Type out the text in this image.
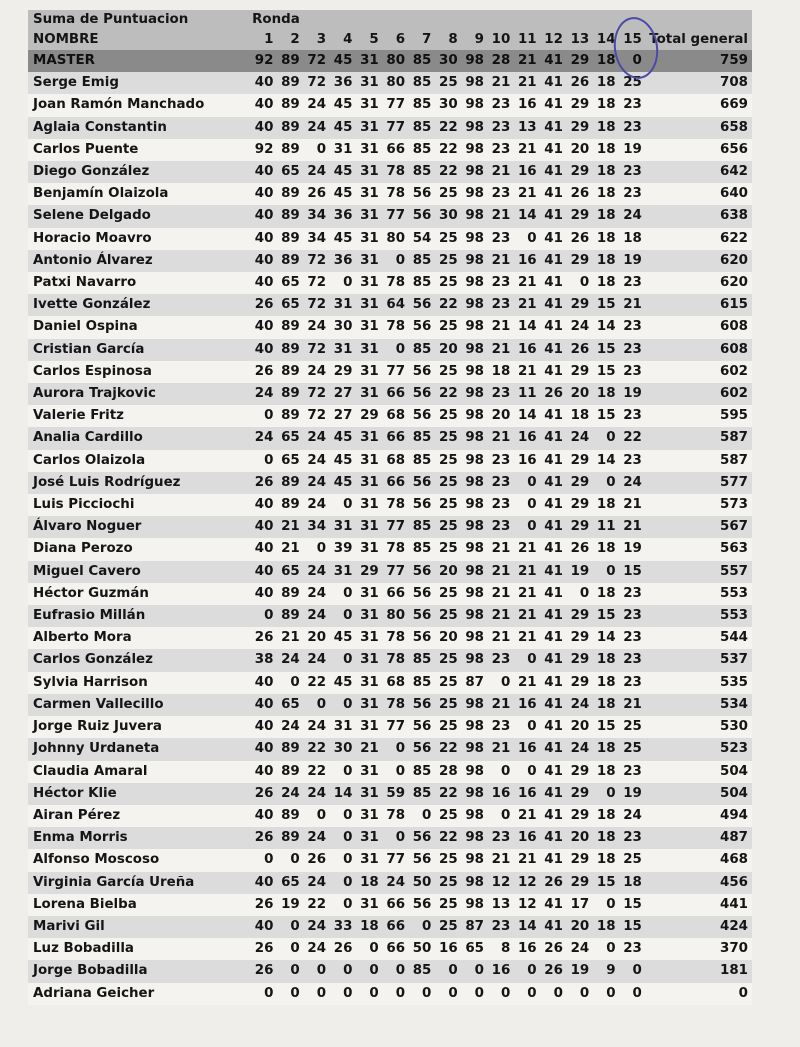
Suma de Puntuacion	Ronda															
NOMBRE	1	2	3	4	5	6	7	8	9	10	11	12	13	14	15	Total general
MASTER	92	89	72	45	31	80	85	30	98	28	21	41	29	18	0	759
Serge Emig	40	89	72	36	31	80	85	25	98	21	21	41	26	18	25	708
Joan Ramón Manchado	40	89	24	45	31	77	85	30	98	23	16	41	29	18	23	669
Aglaia Constantin	40	89	24	45	31	77	85	22	98	23	13	41	29	18	23	658
Carlos Puente	92	89	0	31	31	66	85	22	98	23	21	41	20	18	19	656
Diego González	40	65	24	45	31	78	85	22	98	21	16	41	29	18	23	642
Benjamín Olaizola	40	89	26	45	31	78	56	25	98	23	21	41	26	18	23	640
Selene Delgado	40	89	34	36	31	77	56	30	98	21	14	41	29	18	24	638
Horacio Moavro	40	89	34	45	31	80	54	25	98	23	0	41	26	18	18	622
Antonio Álvarez	40	89	72	36	31	0	85	25	98	21	16	41	29	18	19	620
Patxi Navarro	40	65	72	0	31	78	85	25	98	23	21	41	0	18	23	620
Ivette González	26	65	72	31	31	64	56	22	98	23	21	41	29	15	21	615
Daniel Ospina	40	89	24	30	31	78	56	25	98	21	14	41	24	14	23	608
Cristian García	40	89	72	31	31	0	85	20	98	21	16	41	26	15	23	608
Carlos Espinosa	26	89	24	29	31	77	56	25	98	18	21	41	29	15	23	602
Aurora Trajkovic	24	89	72	27	31	66	56	22	98	23	11	26	20	18	19	602
Valerie Fritz	0	89	72	27	29	68	56	25	98	20	14	41	18	15	23	595
Analia Cardillo	24	65	24	45	31	66	85	25	98	21	16	41	24	0	22	587
Carlos Olaizola	0	65	24	45	31	68	85	25	98	23	16	41	29	14	23	587
José Luis Rodríguez	26	89	24	45	31	66	56	25	98	23	0	41	29	0	24	577
Luis Picciochi	40	89	24	0	31	78	56	25	98	23	0	41	29	18	21	573
Álvaro Noguer	40	21	34	31	31	77	85	25	98	23	0	41	29	11	21	567
Diana Perozo	40	21	0	39	31	78	85	25	98	21	21	41	26	18	19	563
Miguel Cavero	40	65	24	31	29	77	56	20	98	21	21	41	19	0	15	557
Héctor Guzmán	40	89	24	0	31	66	56	25	98	21	21	41	0	18	23	553
Eufrasio Millán	0	89	24	0	31	80	56	25	98	21	21	41	29	15	23	553
Alberto Mora	26	21	20	45	31	78	56	20	98	21	21	41	29	14	23	544
Carlos González	38	24	24	0	31	78	85	25	98	23	0	41	29	18	23	537
Sylvia Harrison	40	0	22	45	31	68	85	25	87	0	21	41	29	18	23	535
Carmen Vallecillo	40	65	0	0	31	78	56	25	98	21	16	41	24	18	21	534
Jorge Ruiz Juvera	40	24	24	31	31	77	56	25	98	23	0	41	20	15	25	530
Johnny Urdaneta	40	89	22	30	21	0	56	22	98	21	16	41	24	18	25	523
Claudia Amaral	40	89	22	0	31	0	85	28	98	0	0	41	29	18	23	504
Héctor Klie	26	24	24	14	31	59	85	22	98	16	16	41	29	0	19	504
Airan Pérez	40	89	0	0	31	78	0	25	98	0	21	41	29	18	24	494
Enma Morris	26	89	24	0	31	0	56	22	98	23	16	41	20	18	23	487
Alfonso Moscoso	0	0	26	0	31	77	56	25	98	21	21	41	29	18	25	468
Virginia García Ureña	40	65	24	0	18	24	50	25	98	12	12	26	29	15	18	456
Lorena Bielba	26	19	22	0	31	66	56	25	98	13	12	41	17	0	15	441
Marivi Gil	40	0	24	33	18	66	0	25	87	23	14	41	20	18	15	424
Luz Bobadilla	26	0	24	26	0	66	50	16	65	8	16	26	24	0	23	370
Jorge Bobadilla	26	0	0	0	0	0	85	0	0	16	0	26	19	9	0	181
Adriana Geicher	0	0	0	0	0	0	0	0	0	0	0	0	0	0	0	0
